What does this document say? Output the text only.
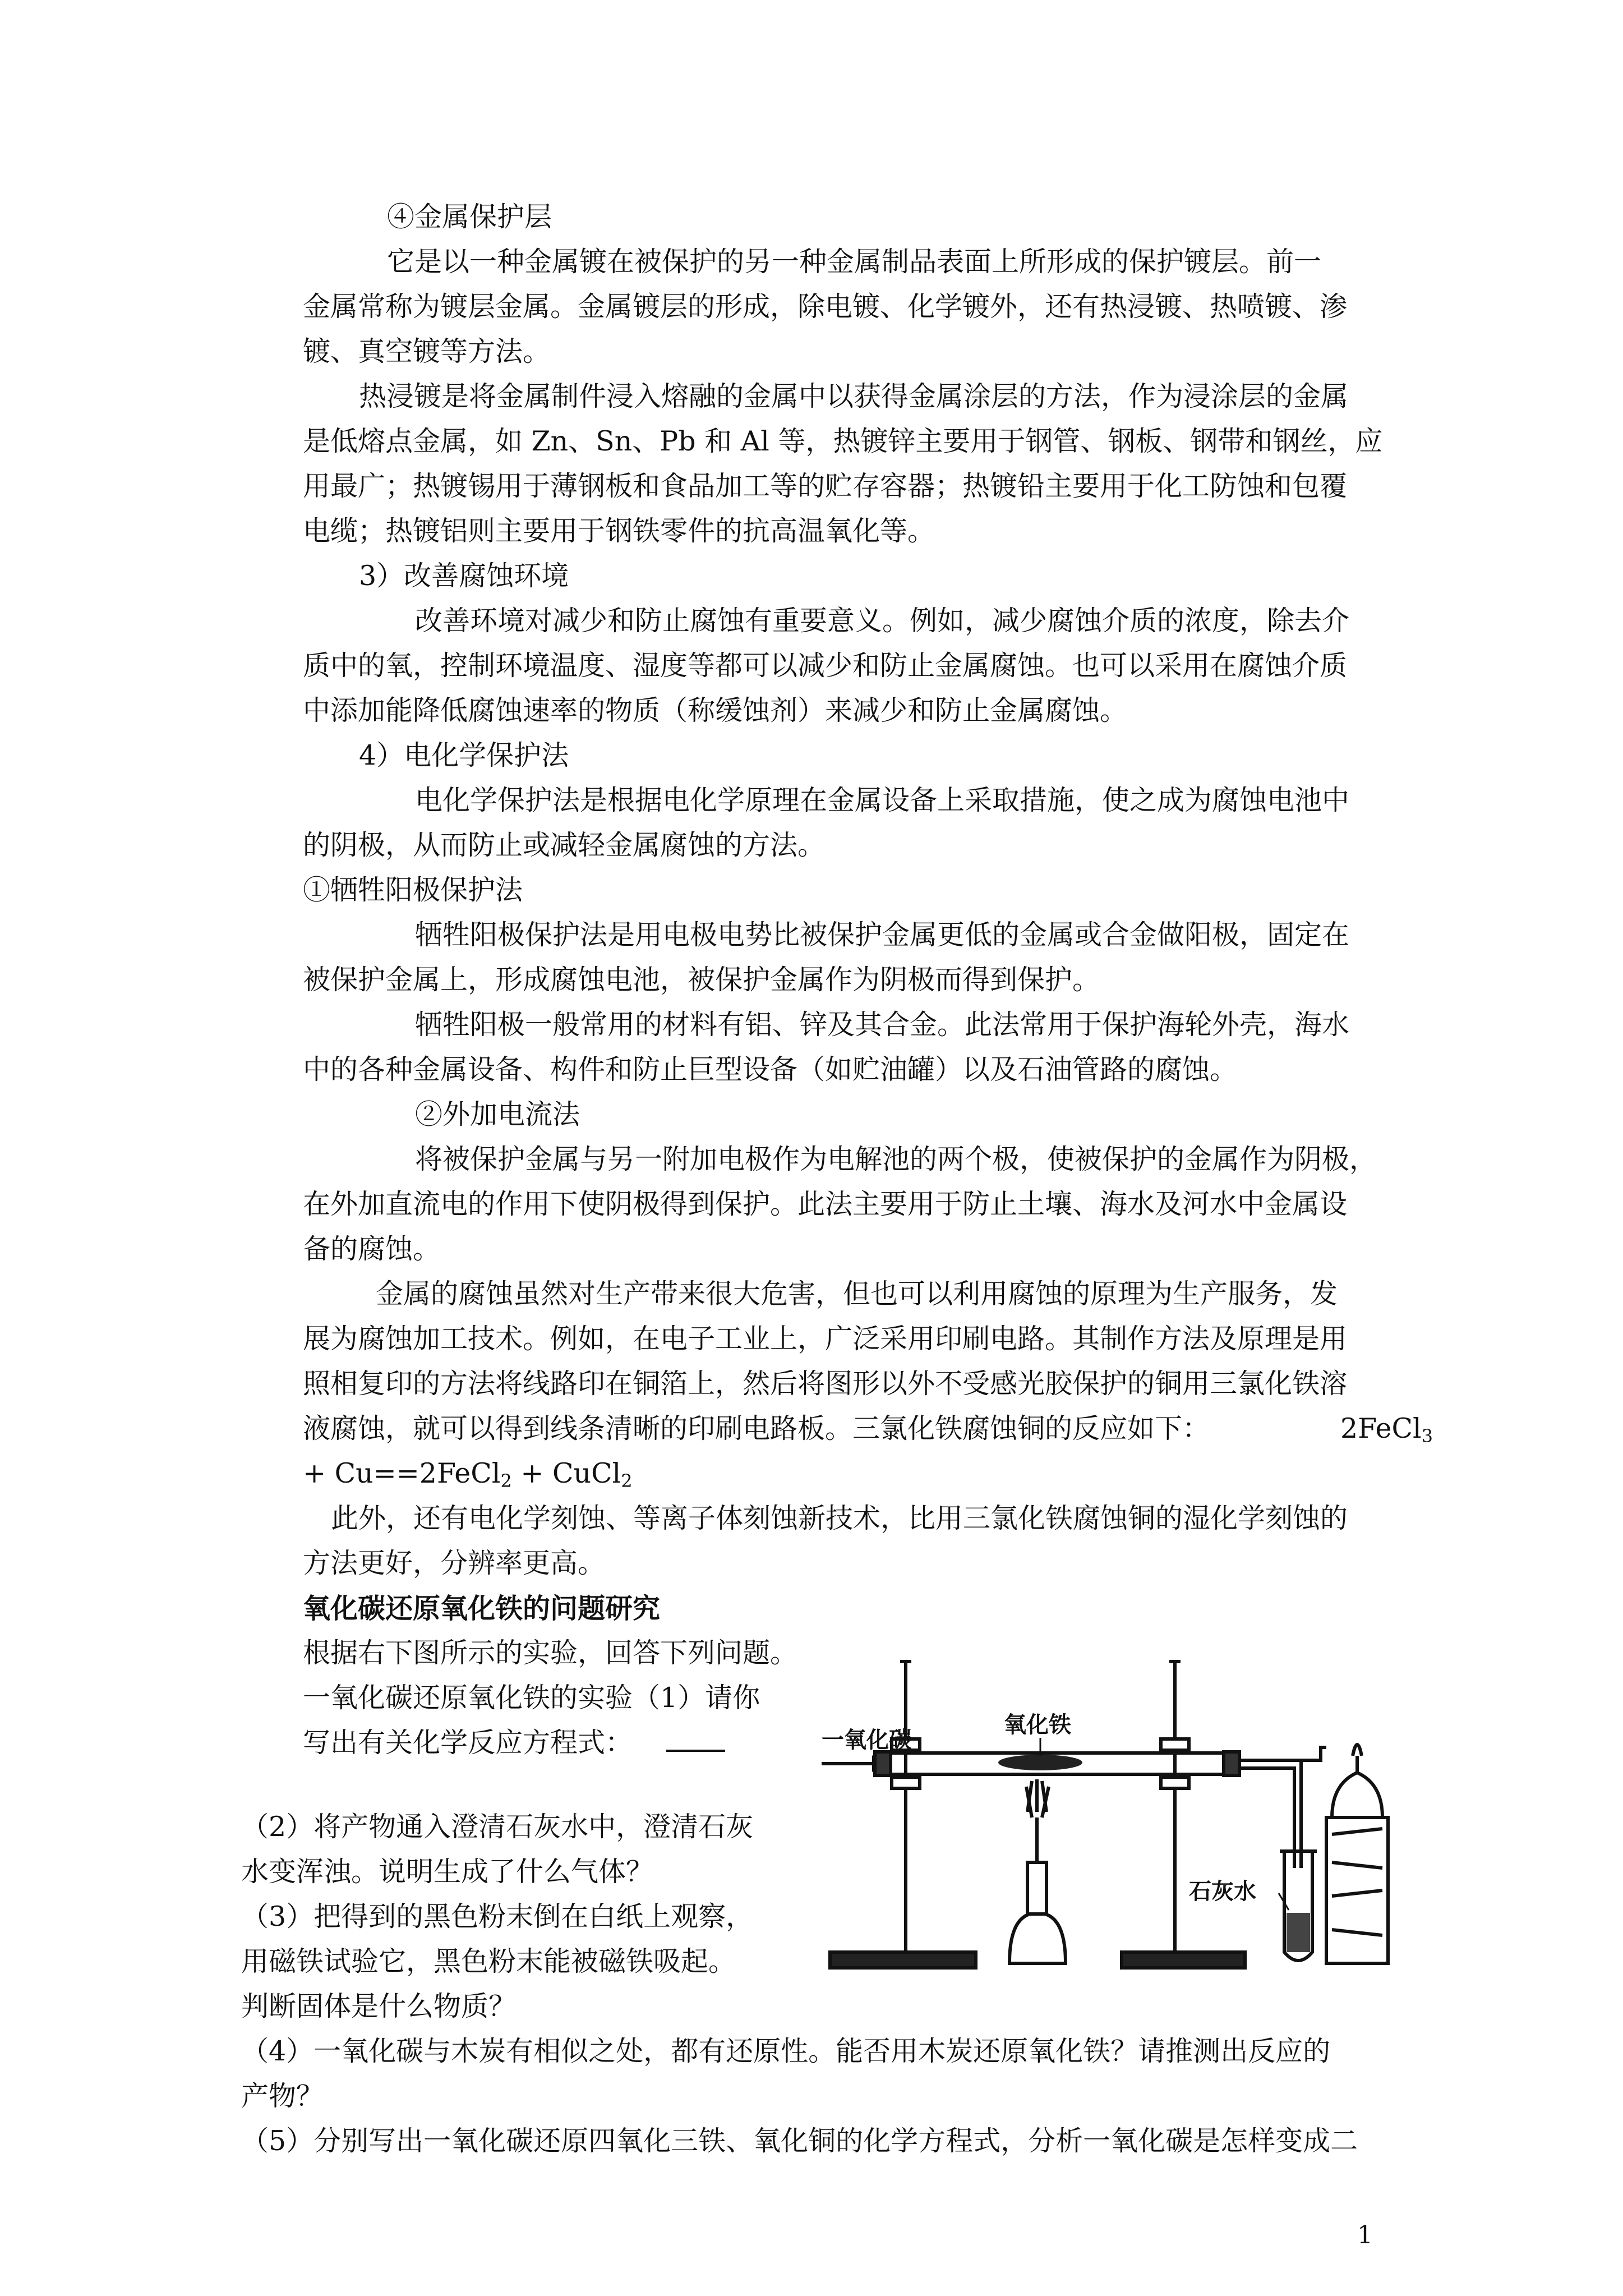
④金属保护层
它是以一种金属镀在被保护的另一种金属制品表面上所形成的保护镀层。前一
金属常称为镀层金属。金属镀层的形成，除电镀、化学镀外，还有热浸镀、热喷镀、渗
镀、真空镀等方法。
热浸镀是将金属制件浸入熔融的金属中以获得金属涂层的方法，作为浸涂层的金属
是低熔点金属，如 Zn、Sn、Pb 和 Al 等，热镀锌主要用于钢管、钢板、钢带和钢丝，应
用最广；热镀锡用于薄钢板和食品加工等的贮存容器；热镀铅主要用于化工防蚀和包覆
电缆；热镀铝则主要用于钢铁零件的抗高温氧化等。
3）改善腐蚀环境
改善环境对减少和防止腐蚀有重要意义。例如，减少腐蚀介质的浓度，除去介
质中的氧，控制环境温度、湿度等都可以减少和防止金属腐蚀。也可以采用在腐蚀介质
中添加能降低腐蚀速率的物质（称缓蚀剂）来减少和防止金属腐蚀。
4）电化学保护法
电化学保护法是根据电化学原理在金属设备上采取措施，使之成为腐蚀电池中
的阴极，从而防止或减轻金属腐蚀的方法。
①牺牲阳极保护法
牺牲阳极保护法是用电极电势比被保护金属更低的金属或合金做阳极，固定在
被保护金属上，形成腐蚀电池，被保护金属作为阴极而得到保护。
牺牲阳极一般常用的材料有铝、锌及其合金。此法常用于保护海轮外壳，海水
中的各种金属设备、构件和防止巨型设备（如贮油罐）以及石油管路的腐蚀。
②外加电流法
将被保护金属与另一附加电极作为电解池的两个极，使被保护的金属作为阴极，
在外加直流电的作用下使阴极得到保护。此法主要用于防止土壤、海水及河水中金属设
备的腐蚀。
金属的腐蚀虽然对生产带来很大危害，但也可以利用腐蚀的原理为生产服务，发
展为腐蚀加工技术。例如，在电子工业上，广泛采用印刷电路。其制作方法及原理是用
照相复印的方法将线路印在铜箔上，然后将图形以外不受感光胶保护的铜用三氯化铁溶
液腐蚀，就可以得到线条清晰的印刷电路板。三氯化铁腐蚀铜的反应如下：	2FeCl$_3$
+ Cu==2FeCl$_2$ + CuCl$_2$
此外，还有电化学刻蚀、等离子体刻蚀新技术，比用三氯化铁腐蚀铜的湿化学刻蚀的
方法更好，分辨率更高。
氧化碳还原氧化铁的问题研究
根据右下图所示的实验，回答下列问题。
一氧化碳还原氧化铁的实验（1）请你
写出有关化学反应方程式：
（2）将产物通入澄清石灰水中，澄清石灰
水变浑浊。说明生成了什么气体？
（3）把得到的黑色粉末倒在白纸上观察，
用磁铁试验它，黑色粉末能被磁铁吸起。
判断固体是什么物质？
（4）一氧化碳与木炭有相似之处，都有还原性。能否用木炭还原氧化铁？请推测出反应的
产物？
（5）分别写出一氧化碳还原四氧化三铁、氧化铜的化学方程式，分析一氧化碳是怎样变成二
一氧化碳
氧化铁
石灰水
1
